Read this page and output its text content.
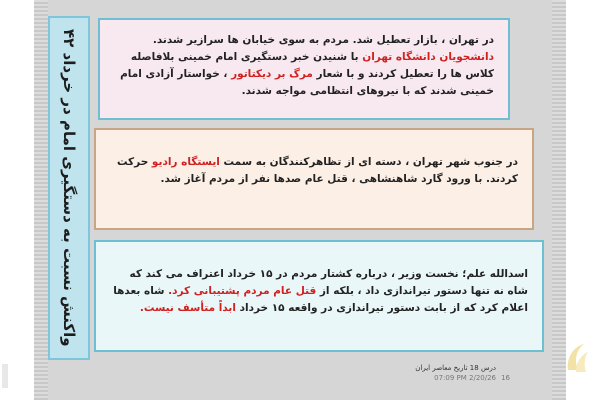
واکنش نسبت به دستگیری امام در خرداد ۴۲
در تهران ، بازار تعطیل شد. مردم به سوی خیابان ها سرازیر شدند. دانشجویان دانشگاه تهران با شنیدن خبر دستگیری امام خمینی بلافاصله کلاس ها را تعطیل کردند و با شعار مرگ بر دیکتاتور ، خواستار آزادی امام خمینی شدند که با نیروهای انتظامی مواجه شدند.
در جنوب شهر تهران ، دسته ای از تظاهرکنندگان به سمت ایستگاه رادیو حرکت کردند. با ورود گارد شاهنشاهی ، قتل عام صدها نفر از مردم آغاز شد.
اسدالله علم؛ نخست وزیر ، درباره کشتار مردم در ۱۵ خرداد اعتراف می کند که شاه نه تنها دستور تیراندازی داد ، بلکه از قتل عام مردم پشتیبانی کرد. شاه بعدها اعلام کرد که از بابت دستور تیراندازی در واقعه ۱۵ خرداد ابداً متأسف نیست.
درس 18 تاریخ معاصر ایران
07:09 PM 2/20/26 16
